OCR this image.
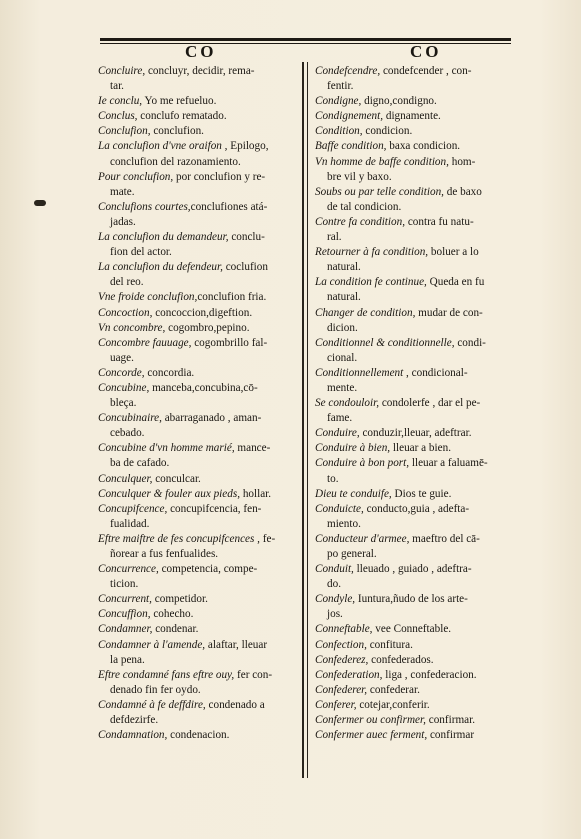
CO	CO

Concluire, concluyr, decidir, rema-
tar.

Ie conclu, Yo me refueluo.

Conclus, conclufo rematado.

Conclufion, conclufion.

La conclufion d'vne oraifon , Epilogo,
conclufion del razonamiento.

Pour conclufion, por conclufion y re-
mate.

Conclufions courtes,conclufiones atá-
jadas.

La conclufion du demandeur, conclu-
fion del actor.

La conclufion du defendeur, coclufion
del reo.

Vne froide conclufion,conclufion fria.

Concoction, concoccion,digeftion.

Vn concombre, cogombro,pepino.

Concombre fauuage, cogombrillo fal-
uage.

Concorde, concordia.

Concubine, manceba,concubina,cō-
bleça.

Concubinaire, abarraganado , aman-
cebado.

Concubine d'vn homme marié, mance-
ba de cafado.

Conculquer, conculcar.

Conculquer & fouler aux pieds, hollar.

Concupifcence, concupifcencia, fen-
fualidad.

Eftre maiftre de fes concupifcences , fe-
ñorear a fus fenfualides.

Concurrence, competencia, compe-
ticion.

Concurrent, competidor.

Concuffion, cohecho.

Condamner, condenar.

Condamner à l'amende, alaftar, lleuar
la pena.

Eftre condamné fans eftre ouy, fer con-
denado fin fer oydo.

Condamné à fe deffdire, condenado a
defdezirfe.

Condamnation, condenacion.

Condefcendre, condefcender , con-
fentir.

Condigne, digno,condigno.

Condignement, dignamente.

Condition, condicion.

Baffe condition, baxa condicion.

Vn homme de baffe condition, hom-
bre vil y baxo.

Soubs ou par telle condition, de baxo
de tal condicion.

Contre fa condition, contra fu natu-
ral.

Retourner à fa condition, boluer a lo
natural.

La condition fe continue, Queda en fu
natural.

Changer de condition, mudar de con-
dicion.

Conditionnel & conditionnelle, condi-
cional.

Conditionnellement , condicional-
mente.

Se condouloir, condolerfe , dar el pe-
fame.

Conduire, conduzir,lleuar, adeftrar.

Conduire à bien, lleuar a bien.

Conduire à bon port, lleuar a faluamē-
to.

Dieu te conduife, Dios te guie.

Conduicte, conducto,guia , adefta-
miento.

Conducteur d'armee, maeftro del cā-
po general.

Conduit, lleuado , guiado , adeftra-
do.

Condyle, Iuntura,ñudo de los arte-
jos.

Conneftable, vee Conneftable.

Confection, confitura.

Confederez, confederados.

Confederation, liga , confederacion.

Confederer, confederar.

Conferer, cotejar,conferir.

Confermer ou confirmer, confirmar.

Confermer auec ferment, confirmar
